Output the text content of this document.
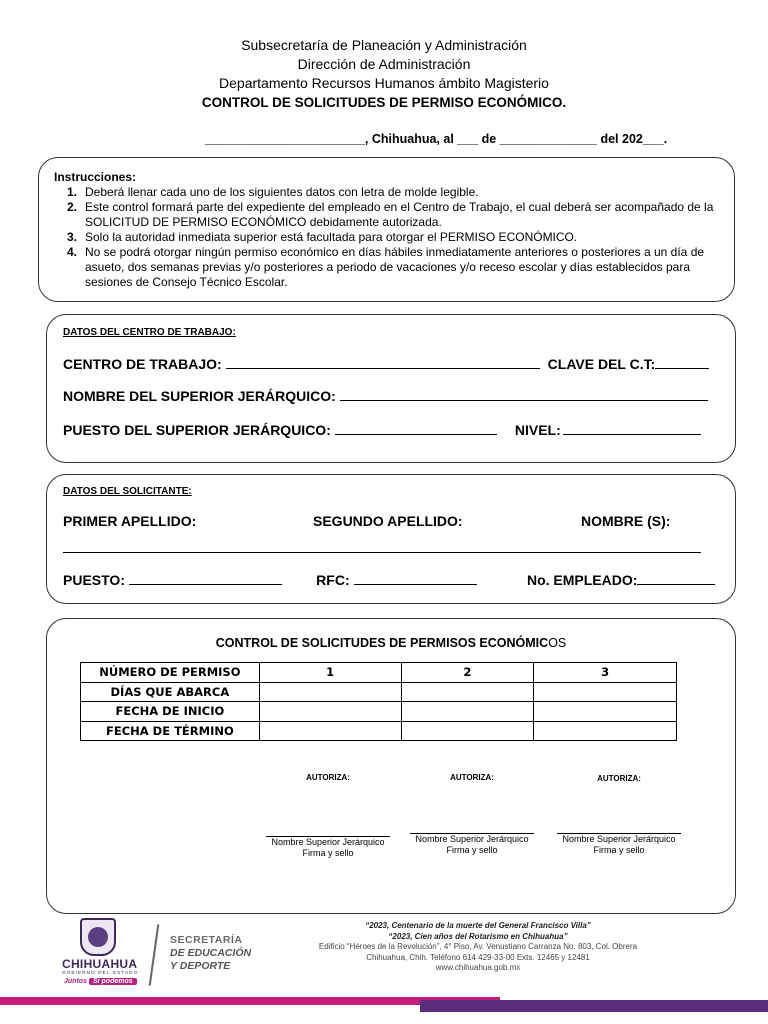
Subsecretaría de Planeación y Administración
Dirección de Administración
Departamento Recursos Humanos ámbito Magisterio
CONTROL DE SOLICITUDES DE PERMISO ECONÓMICO.
_______________________, Chihuahua, al ___ de ______________ del 202___.
Instrucciones:
1. Deberá llenar cada uno de los siguientes datos con letra de molde legible.
2. Este control formará parte del expediente del empleado en el Centro de Trabajo, el cual deberá ser acompañado de la SOLICITUD DE PERMISO ECONÓMICO debidamente autorizada.
3. Solo la autoridad inmediata superior está facultada para otorgar el PERMISO ECONÓMICO.
4. No se podrá otorgar ningún permiso económico en días hábiles inmediatamente anteriores o posteriores a un día de asueto, dos semanas previas y/o posteriores a periodo de vacaciones y/o receso escolar y días establecidos para sesiones de Consejo Técnico Escolar.
DATOS DEL CENTRO DE TRABAJO:
CENTRO DE TRABAJO:	CLAVE DEL C.T:
NOMBRE DEL SUPERIOR JERÁRQUICO:
PUESTO DEL SUPERIOR JERÁRQUICO:	NIVEL:
DATOS DEL SOLICITANTE:
PRIMER APELLIDO:	SEGUNDO APELLIDO:	NOMBRE (S):
PUESTO:	RFC:	No. EMPLEADO:
CONTROL DE SOLICITUDES DE PERMISOS ECONÓMICOS
NÚMERO DE PERMISO	1	2	3
DÍAS QUE ABARCA			
FECHA DE INICIO			
FECHA DE TÉRMINO			
AUTORIZA:
Nombre Superior Jerárquico
Firma y sello
AUTORIZA:
Nombre Superior Jerárquico
Firma y sello
AUTORIZA:
Nombre Superior Jerárquico
Firma y sello
CHIHUAHUA
GOBIERNO DEL ESTADO
Juntos Sí podemos
SECRETARÍA
DE EDUCACIÓN
Y DEPORTE
“2023, Centenario de la muerte del General Francisco Villa”
“2023, Cien años del Rotarismo en Chihuahua”
Edificio “Héroes de la Revolución”, 4° Piso, Av. Venustiano Carranza No. 803, Col. Obrera
Chihuahua, Chih. Teléfono 614 429-33-00 Exts. 12465 y 12481
www.chihuahua.gob.mx
